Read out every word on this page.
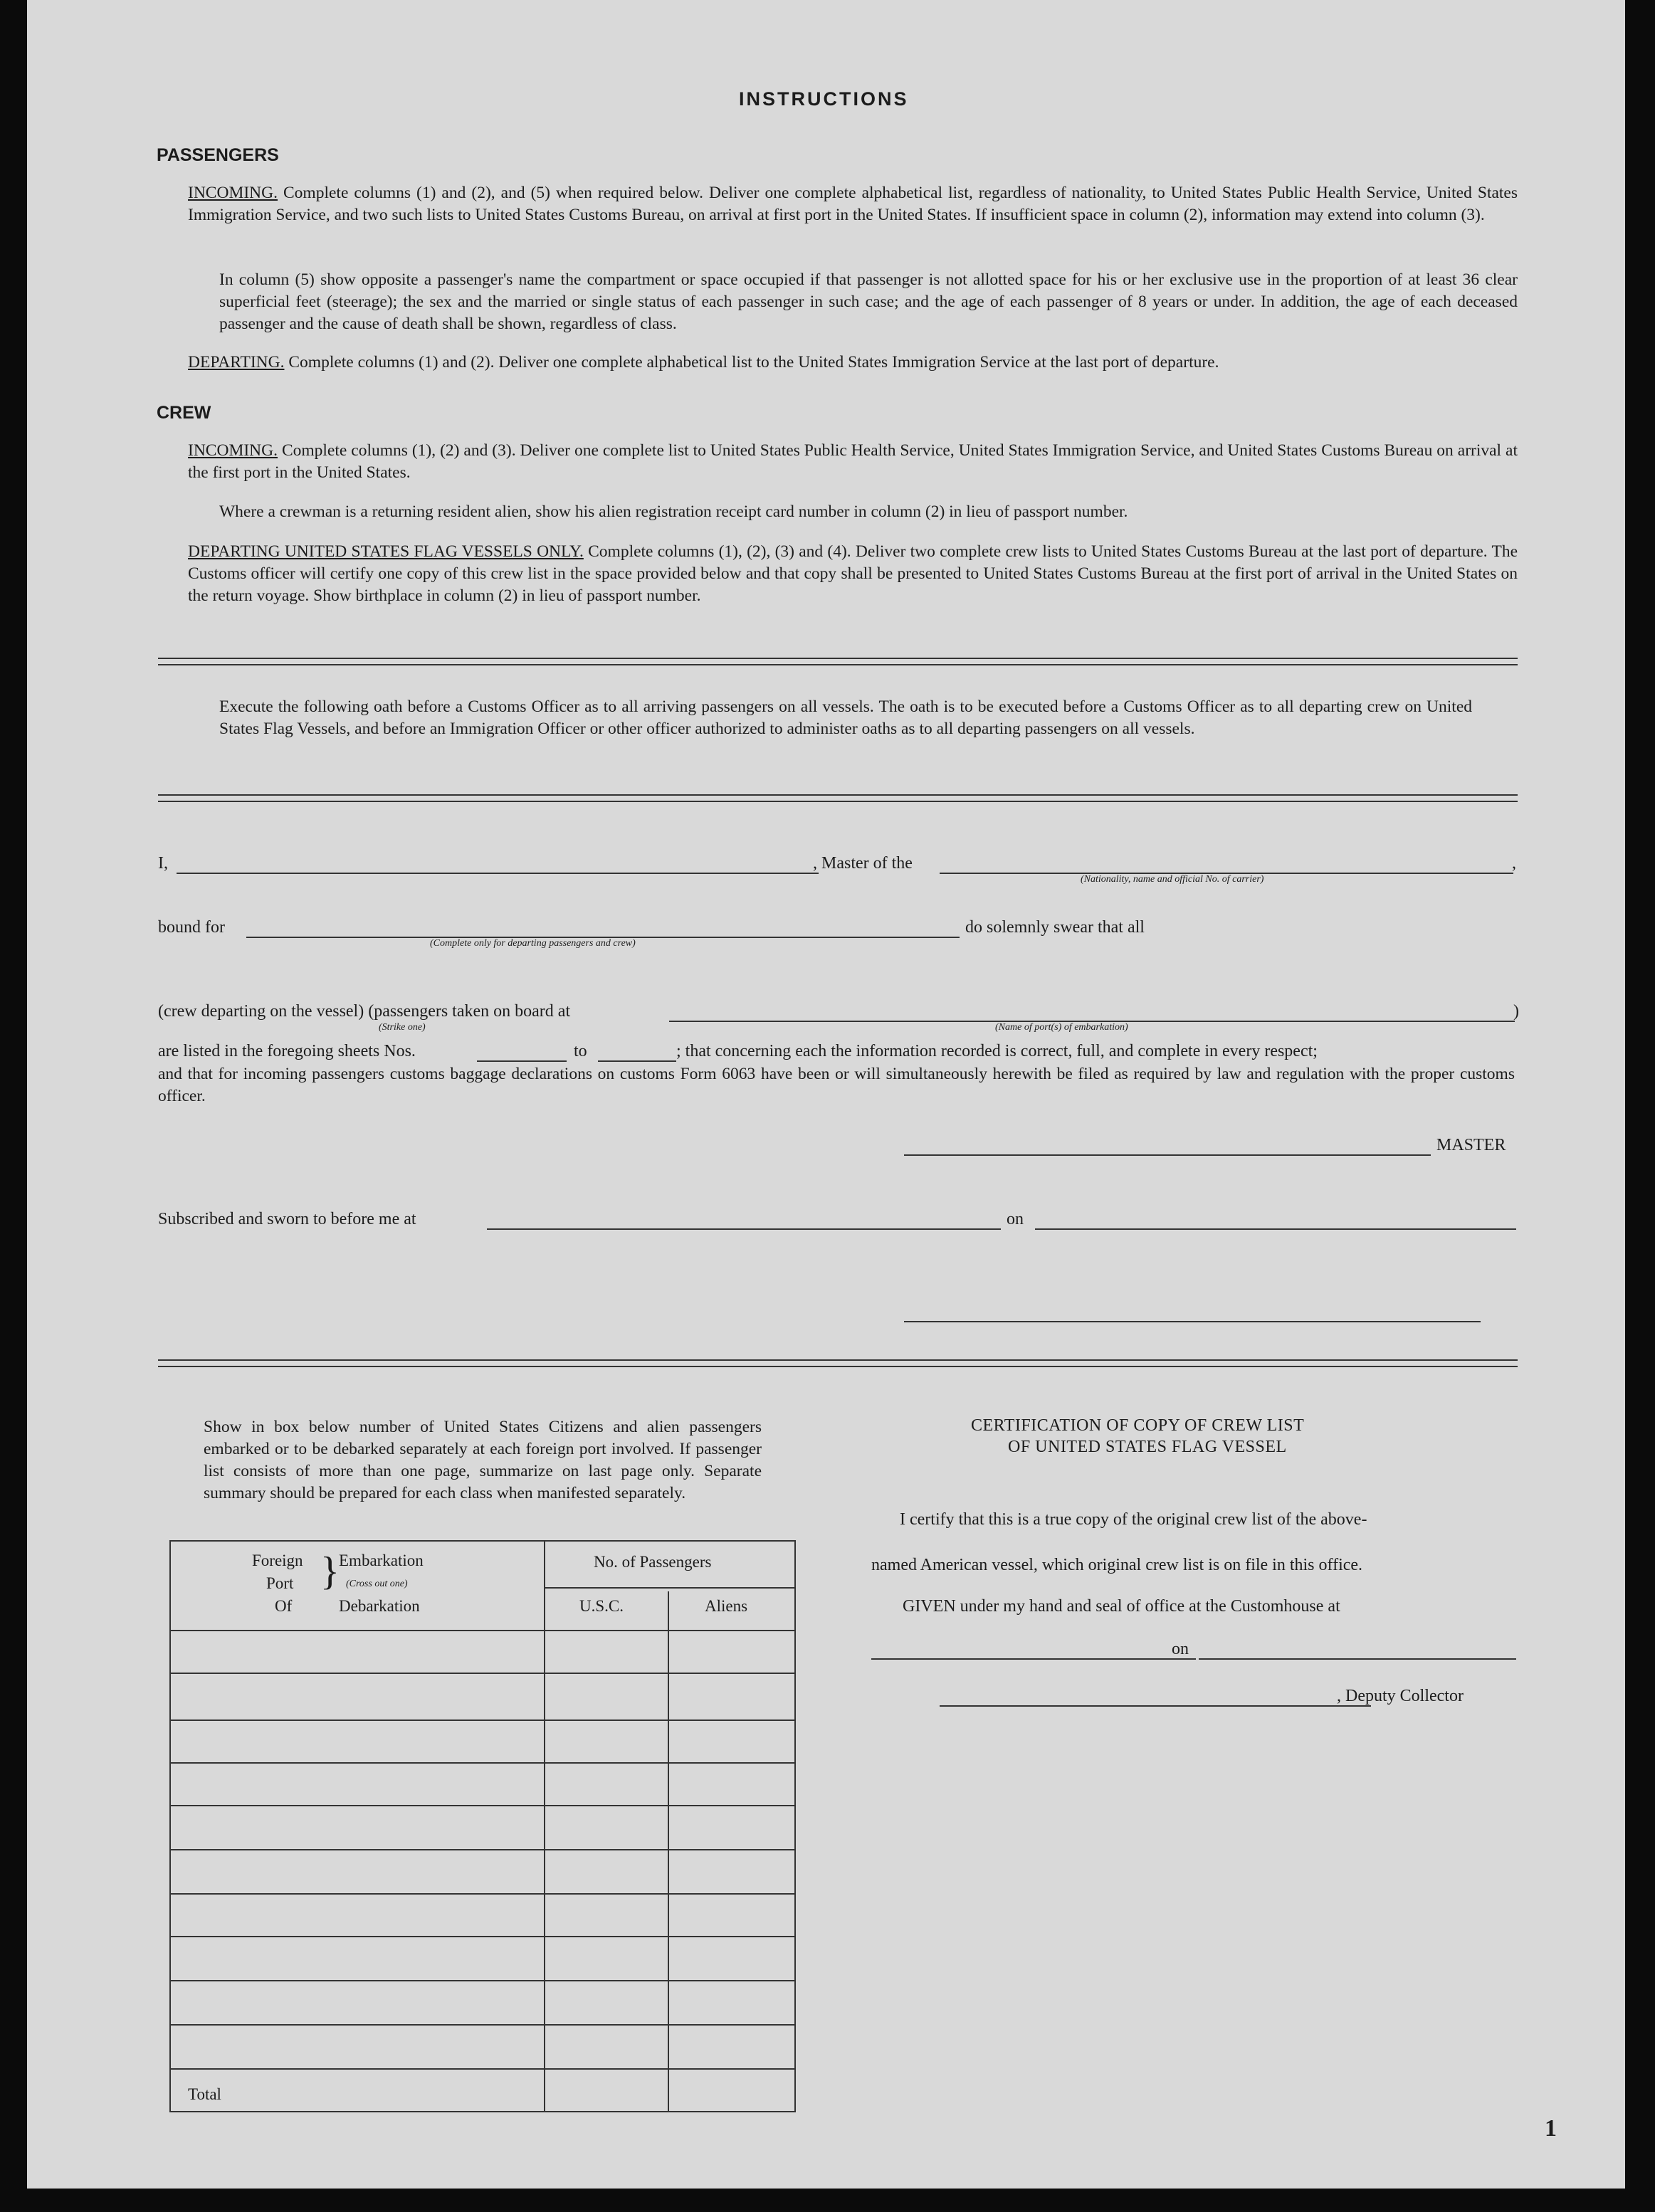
INSTRUCTIONS
PASSENGERS
INCOMING. Complete columns (1) and (2), and (5) when required below. Deliver one complete alphabetical list, regardless of nationality, to United States Public Health Service, United States Immigration Service, and two such lists to United States Customs Bureau, on arrival at first port in the United States. If insufficient space in column (2), information may extend into column (3).
In column (5) show opposite a passenger's name the compartment or space occupied if that passenger is not allotted space for his or her exclusive use in the proportion of at least 36 clear superficial feet (steerage); the sex and the married or single status of each passenger in such case; and the age of each passenger of 8 years or under. In addition, the age of each deceased passenger and the cause of death shall be shown, regardless of class.
DEPARTING. Complete columns (1) and (2). Deliver one complete alphabetical list to the United States Immigration Service at the last port of departure.
CREW
INCOMING. Complete columns (1), (2) and (3). Deliver one complete list to United States Public Health Service, United States Immigration Service, and United States Customs Bureau on arrival at the first port in the United States.
Where a crewman is a returning resident alien, show his alien registration receipt card number in column (2) in lieu of passport number.
DEPARTING UNITED STATES FLAG VESSELS ONLY. Complete columns (1), (2), (3) and (4). Deliver two complete crew lists to United States Customs Bureau at the last port of departure. The Customs officer will certify one copy of this crew list in the space provided below and that copy shall be presented to United States Customs Bureau at the first port of arrival in the United States on the return voyage. Show birthplace in column (2) in lieu of passport number.
Execute the following oath before a Customs Officer as to all arriving passengers on all vessels. The oath is to be executed before a Customs Officer as to all departing crew on United States Flag Vessels, and before an Immigration Officer or other officer authorized to administer oaths as to all departing passengers on all vessels.
I,	, Master of the	,
(Nationality, name and official No. of carrier)
bound for
(Complete only for departing passengers and crew)
do solemnly swear that all
(crew departing on the vessel) (passengers taken on board at	)
(Strike one)	(Name of port(s) of embarkation)
are listed in the foregoing sheets Nos.	to	; that concerning each the information recorded is correct, full, and complete in every respect;
and that for incoming passengers customs baggage declarations on customs Form 6063 have been or will simultaneously herewith be filed as required by law and regulation with the proper customs officer.
MASTER
Subscribed and sworn to before me at	on
Show in box below number of United States Citizens and alien passengers embarked or to be debarked separately at each foreign port involved. If passenger list consists of more than one page, summarize on last page only. Separate summary should be prepared for each class when manifested separately.
Foreign
Port
Of
} Embarkation
(Cross out one)
Debarkation
No. of Passengers
U.S.C.	Aliens
Total
CERTIFICATION OF COPY OF CREW LIST
OF UNITED STATES FLAG VESSEL
I certify that this is a true copy of the original crew list of the above-
named American vessel, which original crew list is on file in this office.
GIVEN under my hand and seal of office at the Customhouse at
on
, Deputy Collector
1
